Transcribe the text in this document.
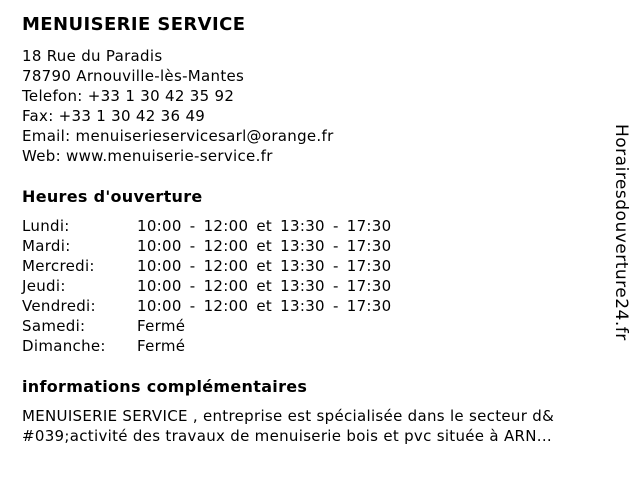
MENUISERIE SERVICE
18 Rue du Paradis
78790 Arnouville-lès-Mantes
Telefon: +33 1 30 42 35 92
Fax: +33 1 30 42 36 49
Email: menuiserieservicesarl@orange.fr
Web: www.menuiserie-service.fr
Heures d'ouverture
Lundi:	10:00 - 12:00 et 13:30 - 17:30
Mardi:	10:00 - 12:00 et 13:30 - 17:30
Mercredi:	10:00 - 12:00 et 13:30 - 17:30
Jeudi:	10:00 - 12:00 et 13:30 - 17:30
Vendredi:	10:00 - 12:00 et 13:30 - 17:30
Samedi:	Fermé
Dimanche:	Fermé
informations complémentaires
MENUISERIE SERVICE , entreprise est spécialisée dans le secteur d&
#039;activité des travaux de menuiserie bois et pvc située à ARN...
Horairesdouverture24.fr
